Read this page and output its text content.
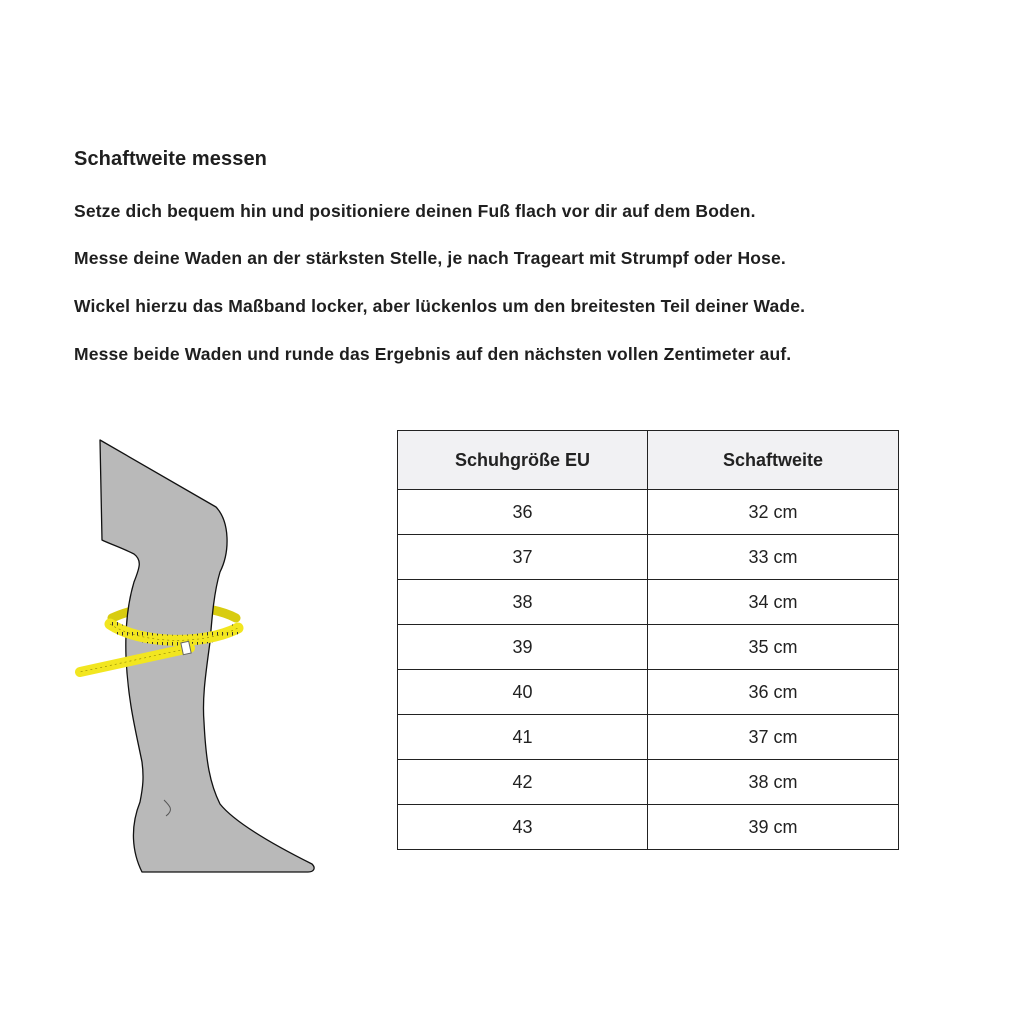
Schaftweite messen
Setze dich bequem hin und positioniere deinen Fuß flach vor dir auf dem Boden.
Messe deine Waden an der stärksten Stelle, je nach Trageart mit Strumpf oder Hose.
Wickel hierzu das Maßband locker, aber lückenlos um den breitesten Teil deiner Wade.
Messe beide Waden und runde das Ergebnis auf den nächsten vollen Zentimeter auf.
Schuhgröße EU	Schaftweite
36	32 cm
37	33 cm
38	34 cm
39	35 cm
40	36 cm
41	37 cm
42	38 cm
43	39 cm
